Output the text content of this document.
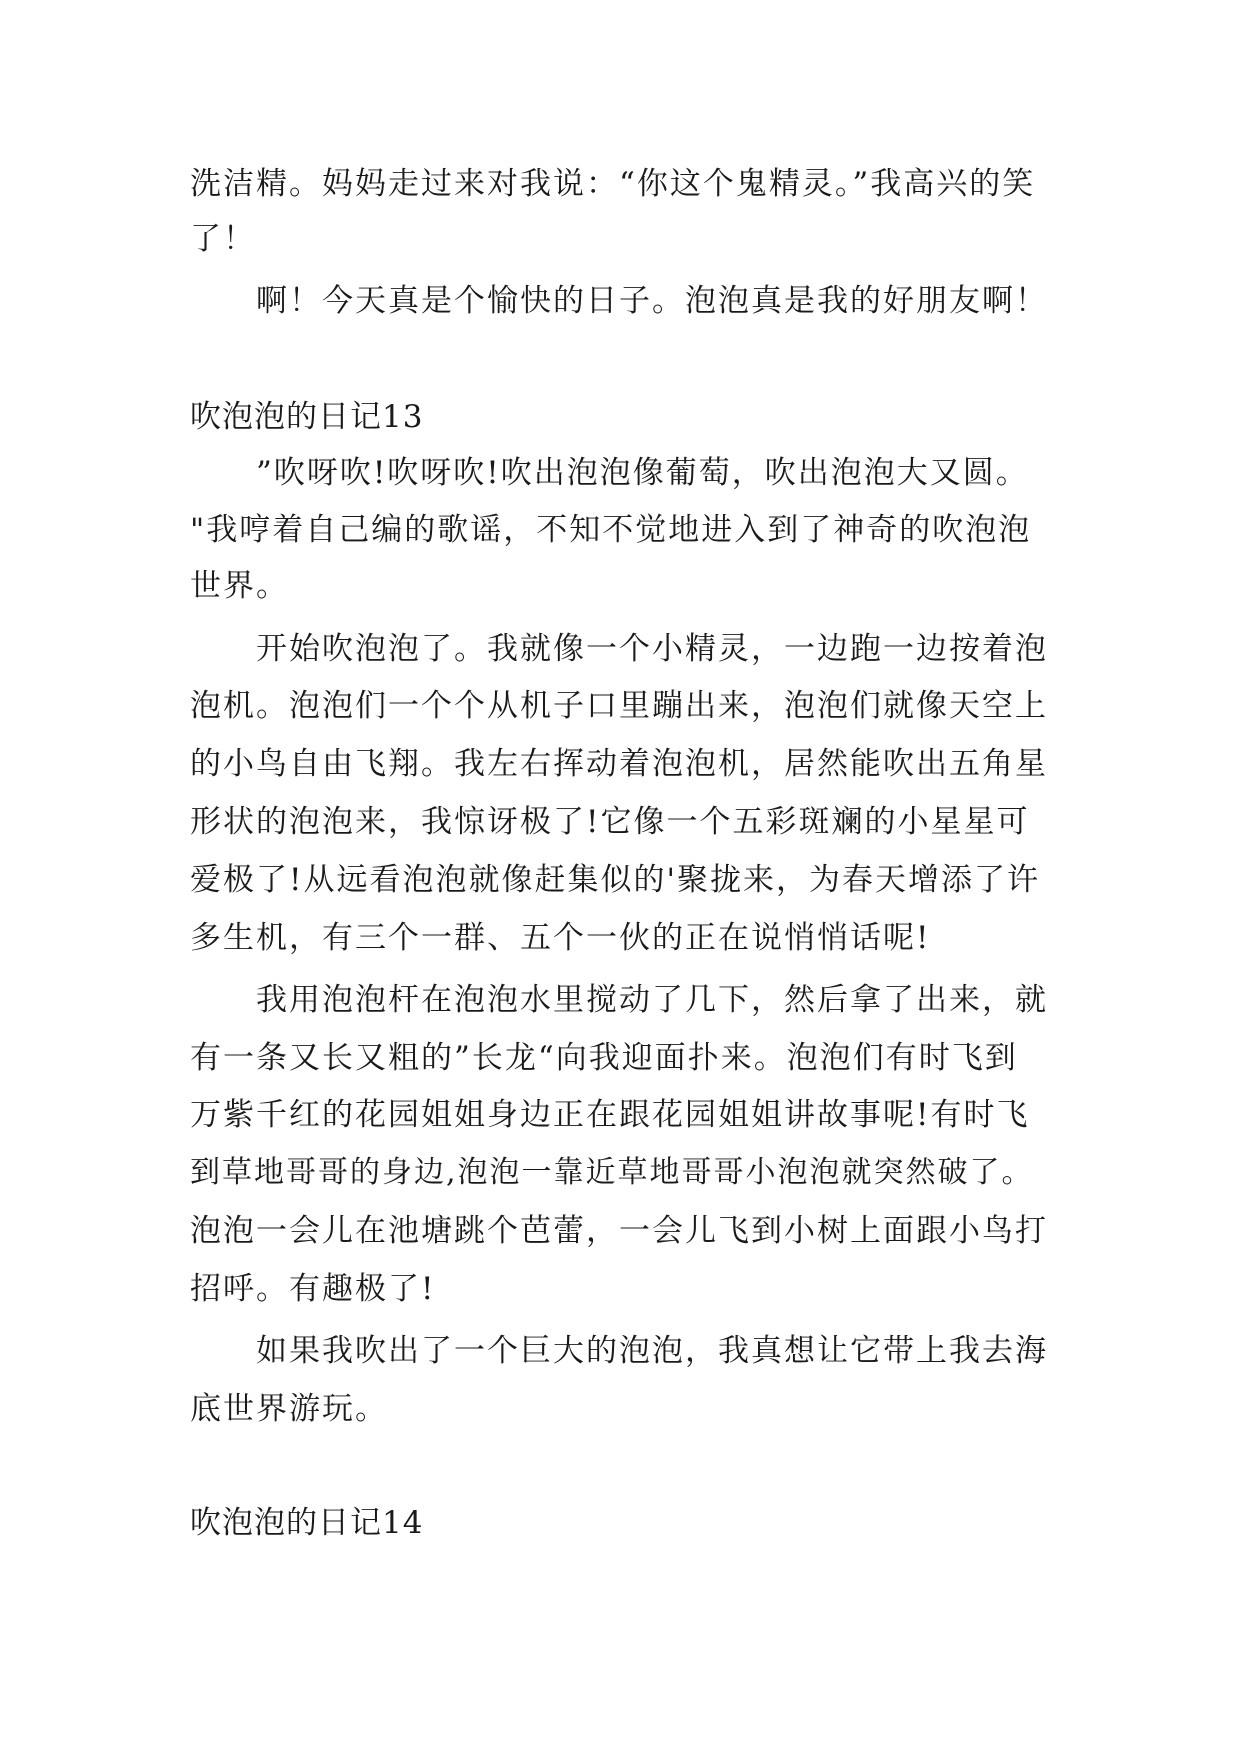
洗洁精。妈妈走过来对我说：“你这个鬼精灵。”我高兴的笑
了！
啊！今天真是个愉快的日子。泡泡真是我的好朋友啊！
吹泡泡的日记13
”吹呀吹!吹呀吹!吹出泡泡像葡萄，吹出泡泡大又圆。
"我哼着自己编的歌谣，不知不觉地进入到了神奇的吹泡泡
世界。
开始吹泡泡了。我就像一个小精灵，一边跑一边按着泡
泡机。泡泡们一个个从机子口里蹦出来，泡泡们就像天空上
的小鸟自由飞翔。我左右挥动着泡泡机，居然能吹出五角星
形状的泡泡来，我惊讶极了!它像一个五彩斑斓的小星星可
爱极了!从远看泡泡就像赶集似的'聚拢来，为春天增添了许
多生机，有三个一群、五个一伙的正在说悄悄话呢!
我用泡泡杆在泡泡水里搅动了几下，然后拿了出来，就
有一条又长又粗的”长龙“向我迎面扑来。泡泡们有时飞到
万紫千红的花园姐姐身边正在跟花园姐姐讲故事呢!有时飞
到草地哥哥的身边,泡泡一靠近草地哥哥小泡泡就突然破了。
泡泡一会儿在池塘跳个芭蕾，一会儿飞到小树上面跟小鸟打
招呼。有趣极了!
如果我吹出了一个巨大的泡泡，我真想让它带上我去海
底世界游玩。
吹泡泡的日记14
